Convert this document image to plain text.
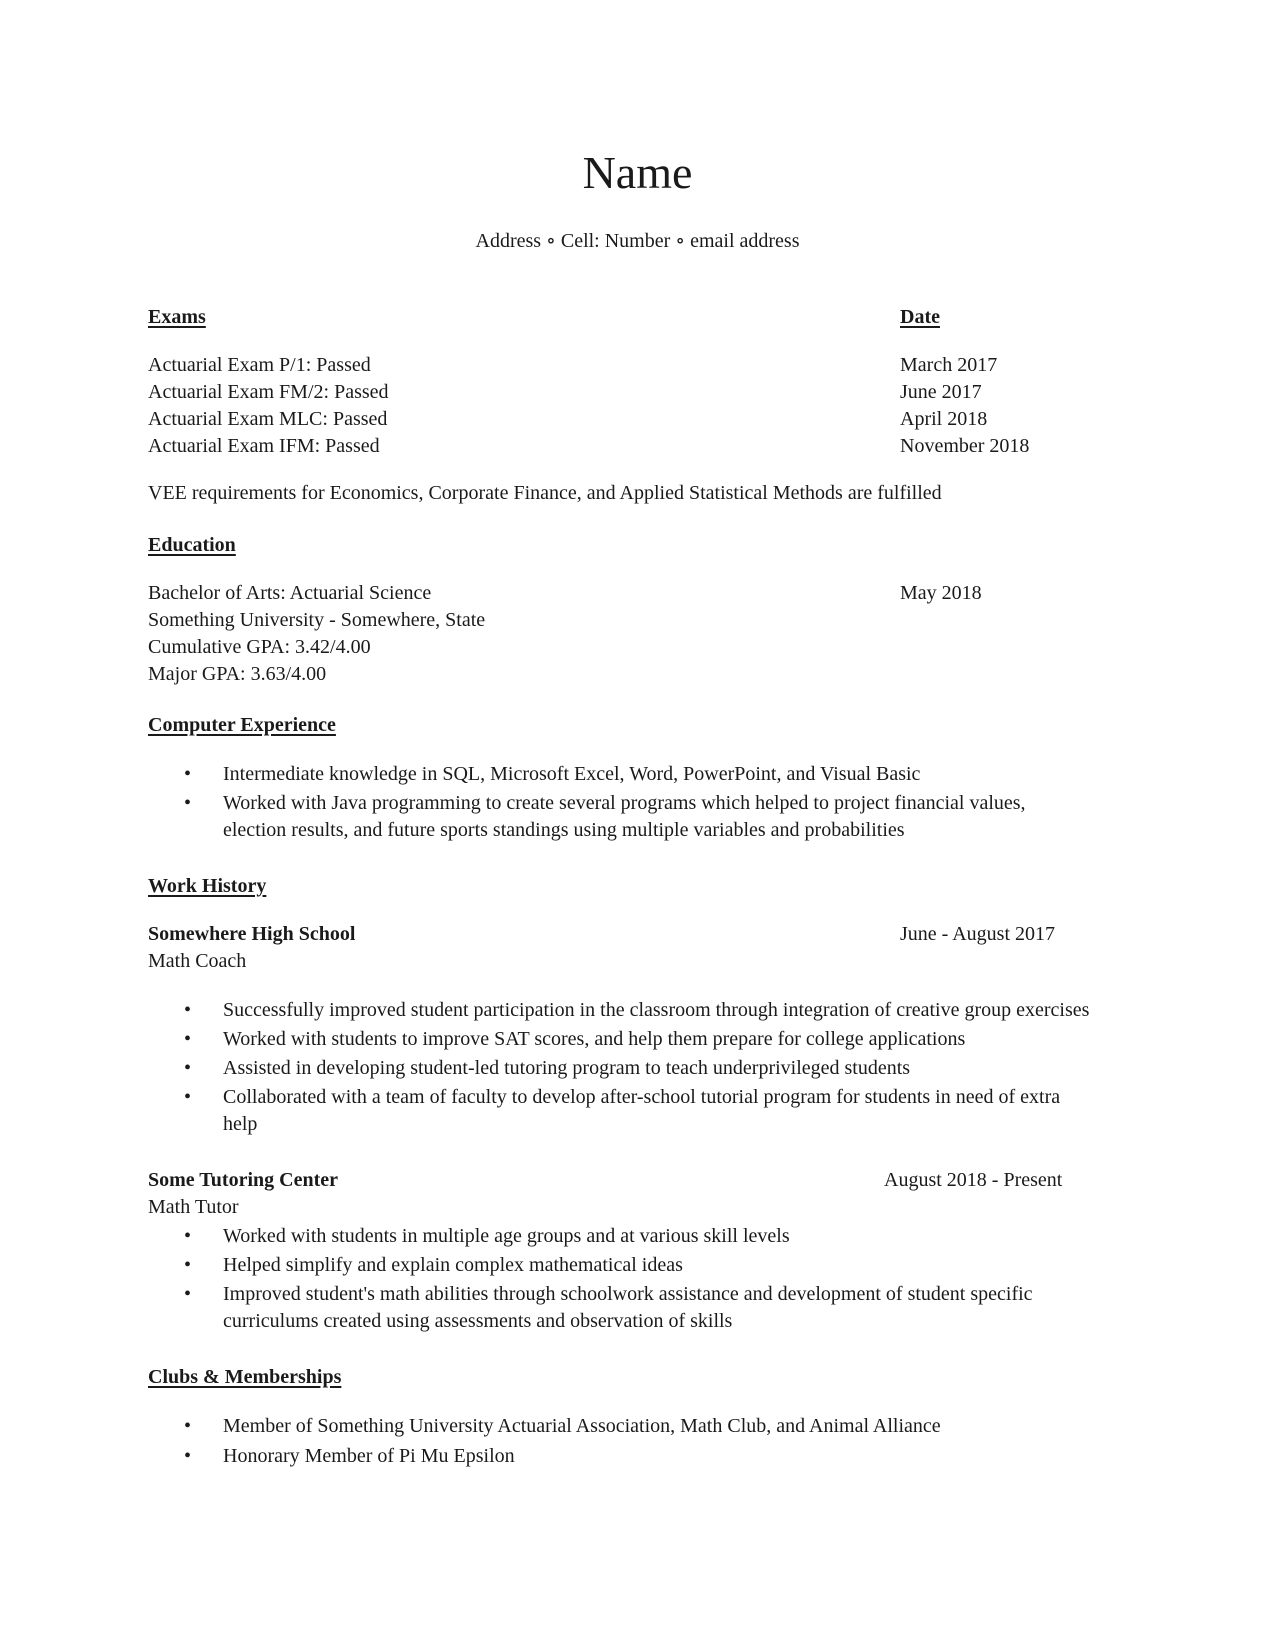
Name
Address ∘ Cell: Number ∘ email address
Exams	Date
Actuarial Exam P/1: Passed	March 2017
Actuarial Exam FM/2: Passed	June 2017
Actuarial Exam MLC: Passed	April 2018
Actuarial Exam IFM: Passed	November 2018
VEE requirements for Economics, Corporate Finance, and Applied Statistical Methods are fulfilled
Education
Bachelor of Arts: Actuarial Science	May 2018
Something University - Somewhere, State
Cumulative GPA: 3.42/4.00
Major GPA: 3.63/4.00
Computer Experience
• Intermediate knowledge in SQL, Microsoft Excel, Word, PowerPoint, and Visual Basic
• Worked with Java programming to create several programs which helped to project financial values,
election results, and future sports standings using multiple variables and probabilities
Work History
Somewhere High School	June - August 2017
Math Coach
• Successfully improved student participation in the classroom through integration of creative group exercises
• Worked with students to improve SAT scores, and help them prepare for college applications
• Assisted in developing student-led tutoring program to teach underprivileged students
• Collaborated with a team of faculty to develop after-school tutorial program for students in need of extra
help
Some Tutoring Center	August 2018 - Present
Math Tutor
• Worked with students in multiple age groups and at various skill levels
• Helped simplify and explain complex mathematical ideas
• Improved student's math abilities through schoolwork assistance and development of student specific
curriculums created using assessments and observation of skills
Clubs & Memberships
• Member of Something University Actuarial Association, Math Club, and Animal Alliance
• Honorary Member of Pi Mu Epsilon
